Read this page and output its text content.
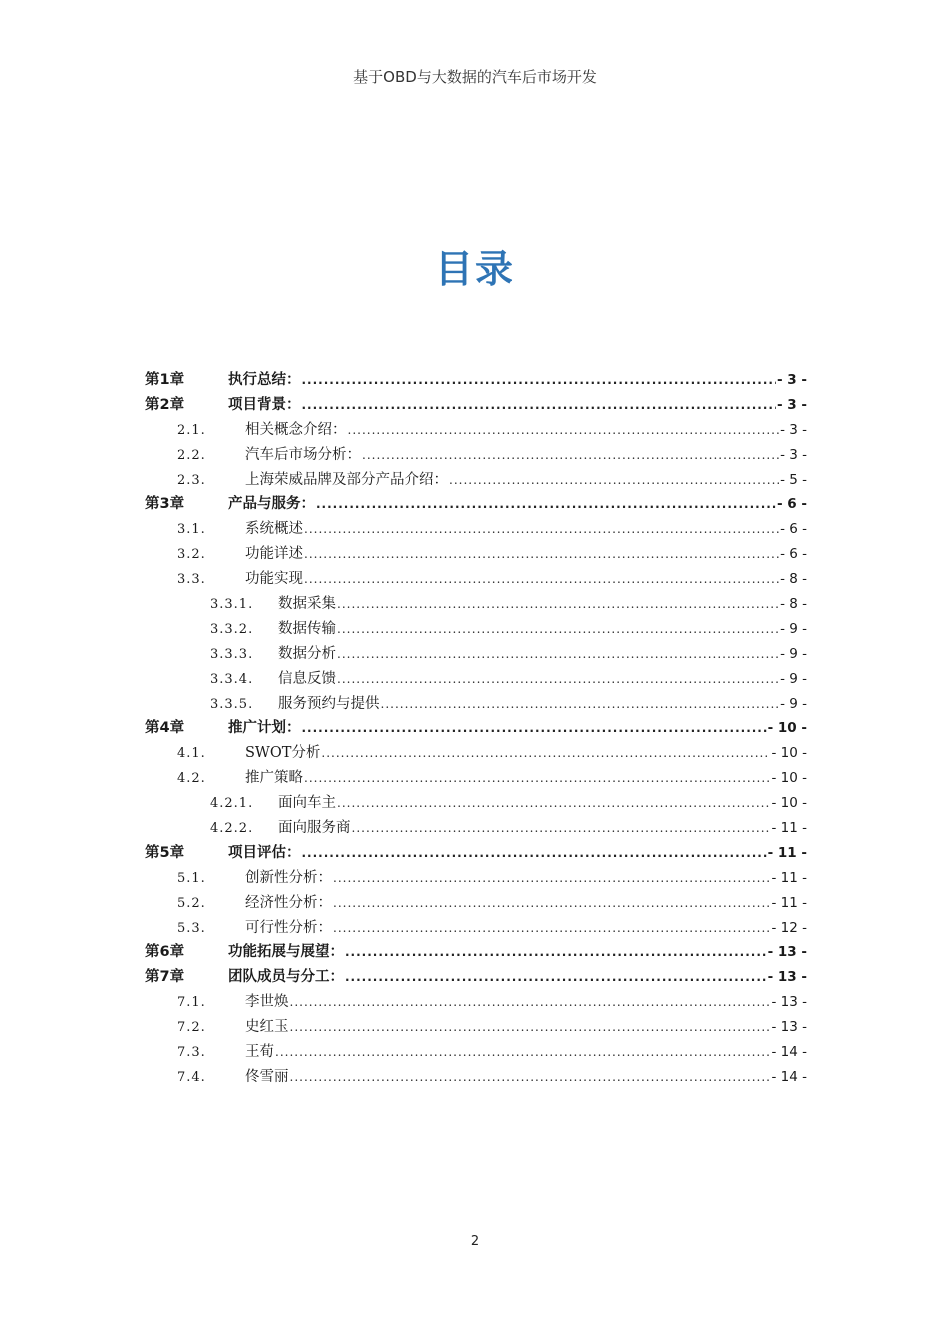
基于OBD与大数据的汽车后市场开发
目录
第1章	执行总结： .....	- 3 -
第2章	项目背景： .....	- 3 -
2.1.	相关概念介绍： .....	- 3 -
2.2.	汽车后市场分析： .....	- 3 -
2.3.	上海荣威品牌及部分产品介绍： .....	- 5 -
第3章	产品与服务： .....	- 6 -
3.1.	系统概述 .....	- 6 -
3.2.	功能详述 .....	- 6 -
3.3.	功能实现 .....	- 8 -
3.3.1.	数据采集 .....	- 8 -
3.3.2.	数据传输 .....	- 9 -
3.3.3.	数据分析 .....	- 9 -
3.3.4.	信息反馈 .....	- 9 -
3.3.5.	服务预约与提供 .....	- 9 -
第4章	推广计划： .....	- 10 -
4.1.	SWOT分析 .....	- 10 -
4.2.	推广策略 .....	- 10 -
4.2.1.	面向车主 .....	- 10 -
4.2.2.	面向服务商 .....	- 11 -
第5章	项目评估： .....	- 11 -
5.1.	创新性分析： .....	- 11 -
5.2.	经济性分析： .....	- 11 -
5.3.	可行性分析： .....	- 12 -
第6章	功能拓展与展望： .....	- 13 -
第7章	团队成员与分工： .....	- 13 -
7.1.	李世焕 .....	- 13 -
7.2.	史红玉 .....	- 13 -
7.3.	王荀 .....	- 14 -
7.4.	佟雪丽 .....	- 14 -
2
